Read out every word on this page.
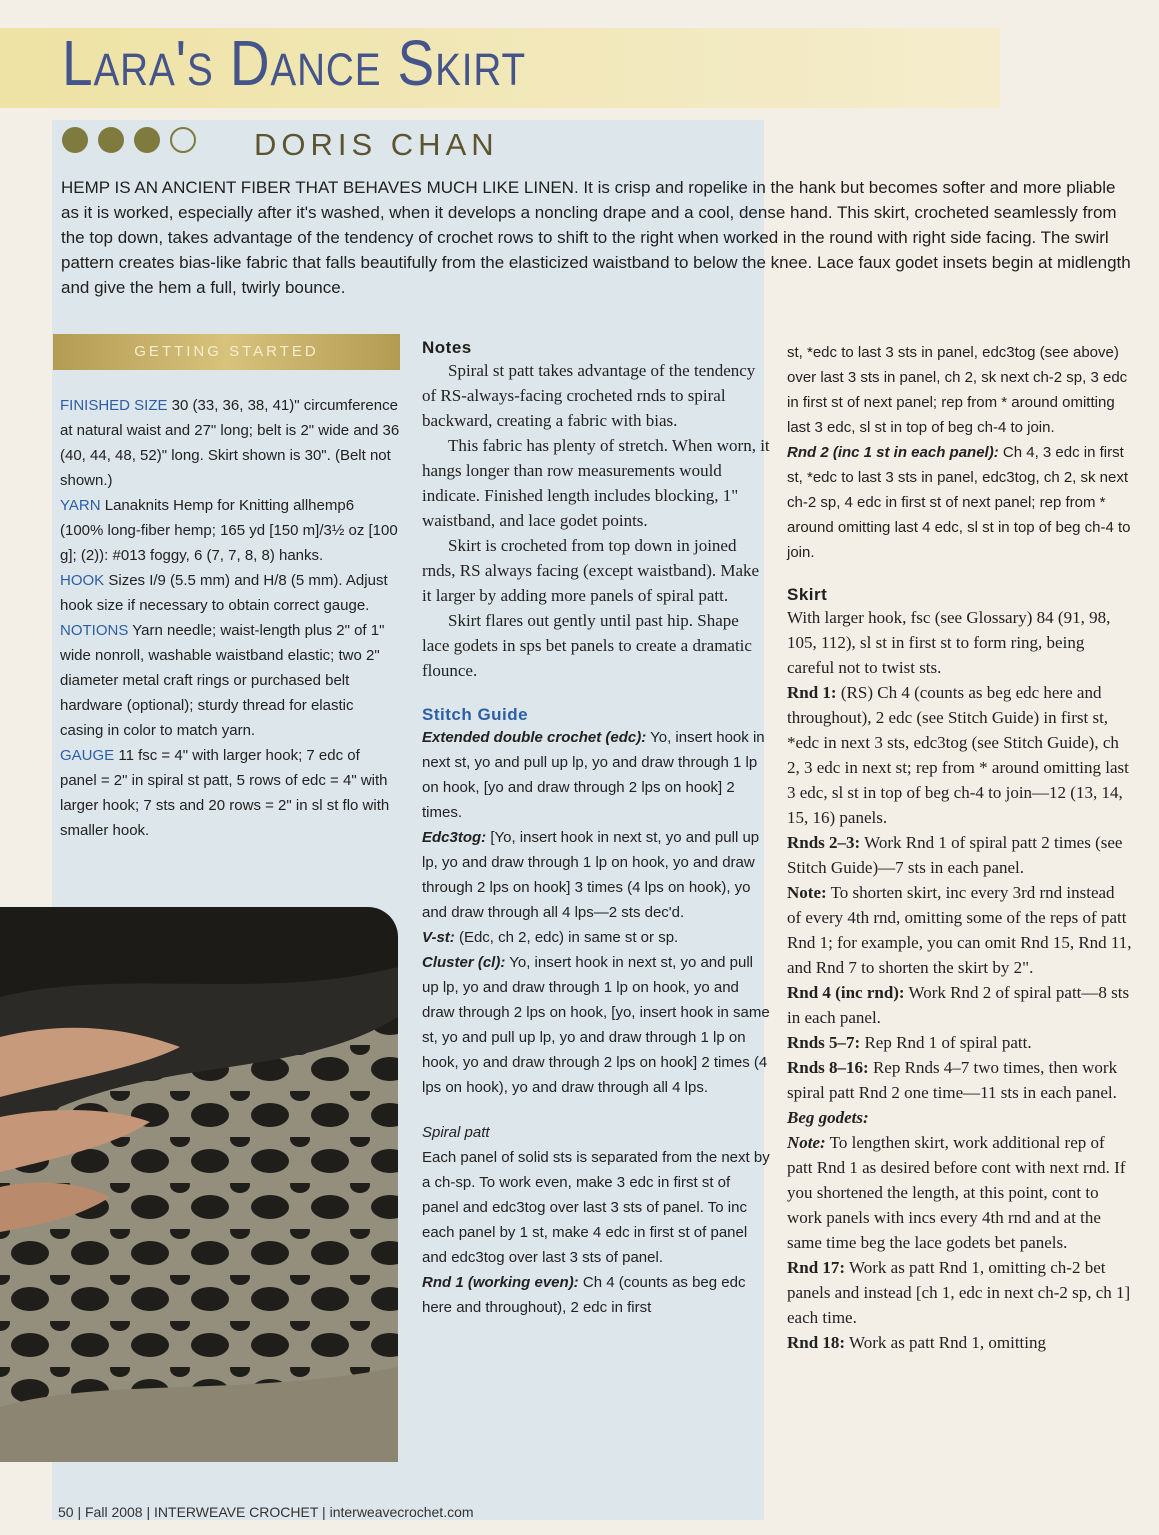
Lara's Dance Skirt
DORIS CHAN

HEMP IS AN ANCIENT FIBER THAT BEHAVES MUCH LIKE LINEN. It is crisp and ropelike in the hank but becomes softer and more pliable as it is worked, especially after it's washed, when it develops a noncling drape and a cool, dense hand. This skirt, crocheted seamlessly from the top down, takes advantage of the tendency of crochet rows to shift to the right when worked in the round with right side facing. The swirl pattern creates bias-like fabric that falls beautifully from the elasticized waistband to below the knee. Lace faux godet insets begin at midlength and give the hem a full, twirly bounce.

GETTING STARTED

FINISHED SIZE 30 (33, 36, 38, 41)" circumference at natural waist and 27" long; belt is 2" wide and 36 (40, 44, 48, 52)" long. Skirt shown is 30". (Belt not shown.)

YARN Lanaknits Hemp for Knitting allhemp6 (100% long-fiber hemp; 165 yd [150 m]/3½ oz [100 g]; (2)): #013 foggy, 6 (7, 7, 8, 8) hanks.

HOOK Sizes I/9 (5.5 mm) and H/8 (5 mm). Adjust hook size if necessary to obtain correct gauge.

NOTIONS Yarn needle; waist-length plus 2" of 1" wide nonroll, washable waistband elastic; two 2" diameter metal craft rings or purchased belt hardware (optional); sturdy thread for elastic casing in color to match yarn.

GAUGE 11 fsc = 4" with larger hook; 7 edc of panel = 2" in spiral st patt, 5 rows of edc = 4" with larger hook; 7 sts and 20 rows = 2" in sl st flo with smaller hook.

Notes

Spiral st patt takes advantage of the tendency of RS-always-facing crocheted rnds to spiral backward, creating a fabric with bias.

This fabric has plenty of stretch. When worn, it hangs longer than row measurements would indicate. Finished length includes blocking, 1" waistband, and lace godet points.

Skirt is crocheted from top down in joined rnds, RS always facing (except waistband). Make it larger by adding more panels of spiral patt.

Skirt flares out gently until past hip. Shape lace godets in sps bet panels to create a dramatic flounce.

Stitch Guide

Extended double crochet (edc): Yo, insert hook in next st, yo and pull up lp, yo and draw through 1 lp on hook, [yo and draw through 2 lps on hook] 2 times.

Edc3tog: [Yo, insert hook in next st, yo and pull up lp, yo and draw through 1 lp on hook, yo and draw through 2 lps on hook] 3 times (4 lps on hook), yo and draw through all 4 lps—2 sts dec'd.

V-st: (Edc, ch 2, edc) in same st or sp.

Cluster (cl): Yo, insert hook in next st, yo and pull up lp, yo and draw through 1 lp on hook, yo and draw through 2 lps on hook, [yo, insert hook in same st, yo and pull up lp, yo and draw through 1 lp on hook, yo and draw through 2 lps on hook] 2 times (4 lps on hook), yo and draw through all 4 lps.

Spiral patt

Each panel of solid sts is separated from the next by a ch-sp. To work even, make 3 edc in first st of panel and edc3tog over last 3 sts of panel. To inc each panel by 1 st, make 4 edc in first st of panel and edc3tog over last 3 sts of panel.

Rnd 1 (working even): Ch 4 (counts as beg edc here and throughout), 2 edc in first

st, *edc to last 3 sts in panel, edc3tog (see above) over last 3 sts in panel, ch 2, sk next ch-2 sp, 3 edc in first st of next panel; rep from * around omitting last 3 edc, sl st in top of beg ch-4 to join.

Rnd 2 (inc 1 st in each panel): Ch 4, 3 edc in first st, *edc to last 3 sts in panel, edc3tog, ch 2, sk next ch-2 sp, 4 edc in first st of next panel; rep from * around omitting last 4 edc, sl st in top of beg ch-4 to join.

Skirt

With larger hook, fsc (see Glossary) 84 (91, 98, 105, 112), sl st in first st to form ring, being careful not to twist sts.

Rnd 1: (RS) Ch 4 (counts as beg edc here and throughout), 2 edc (see Stitch Guide) in first st, *edc in next 3 sts, edc3tog (see Stitch Guide), ch 2, 3 edc in next st; rep from * around omitting last 3 edc, sl st in top of beg ch-4 to join—12 (13, 14, 15, 16) panels.

Rnds 2–3: Work Rnd 1 of spiral patt 2 times (see Stitch Guide)—7 sts in each panel.

Note: To shorten skirt, inc every 3rd rnd instead of every 4th rnd, omitting some of the reps of patt Rnd 1; for example, you can omit Rnd 15, Rnd 11, and Rnd 7 to shorten the skirt by 2".

Rnd 4 (inc rnd): Work Rnd 2 of spiral patt—8 sts in each panel.

Rnds 5–7: Rep Rnd 1 of spiral patt.

Rnds 8–16: Rep Rnds 4–7 two times, then work spiral patt Rnd 2 one time—11 sts in each panel. Beg godets:

Note: To lengthen skirt, work additional rep of patt Rnd 1 as desired before cont with next rnd. If you shortened the length, at this point, cont to work panels with incs every 4th rnd and at the same time beg the lace godets bet panels.

Rnd 17: Work as patt Rnd 1, omitting ch-2 bet panels and instead [ch 1, edc in next ch-2 sp, ch 1] each time.

Rnd 18: Work as patt Rnd 1, omitting

50 | Fall 2008 | INTERWEAVE CROCHET | interweavecrochet.com
